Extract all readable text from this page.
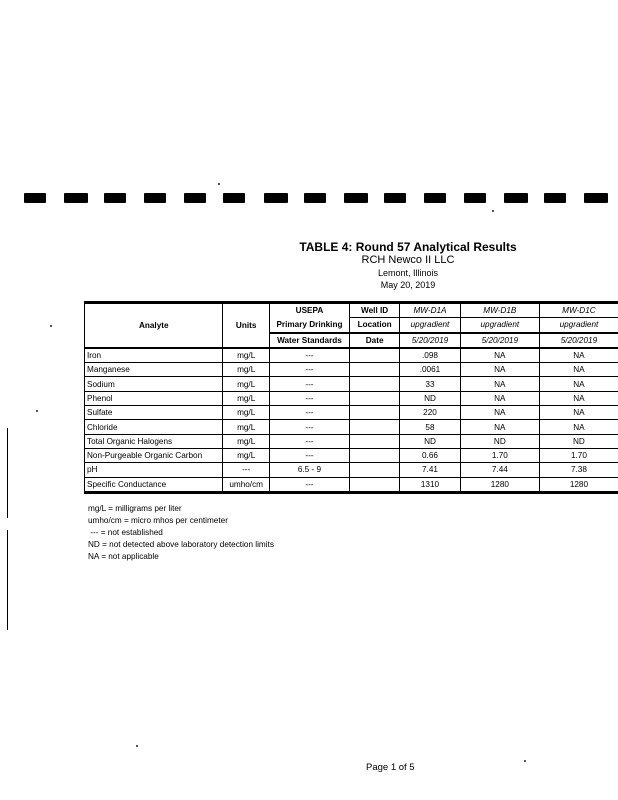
TABLE 4: Round 57 Analytical Results
RCH Newco II LLC
Lemont, Illinois
May 20, 2019
Analyte	Units	USEPA	Well ID	MW-D1A	MW-D1B	MW-D1C
		Primary Drinking	Location	upgradient	upgradient	upgradient
		Water Standards	Date	5/20/2019	5/20/2019	5/20/2019
Iron	mg/L	---		.098	NA	NA
Manganese	mg/L	---		.0061	NA	NA
Sodium	mg/L	---		33	NA	NA
Phenol	mg/L	---		ND	NA	NA
Sulfate	mg/L	---		220	NA	NA
Chloride	mg/L	---		58	NA	NA
Total Organic Halogens	mg/L	---		ND	ND	ND
Non-Purgeable Organic Carbon	mg/L	---		0.66	1.70	1.70
pH	---	6.5 - 9		7.41	7.44	7.38
Specific Conductance	umho/cm	---		1310	1280	1280
mg/L = milligrams per liter
umho/cm = micro mhos per centimeter
--- = not established
ND = not detected above laboratory detection limits
NA = not applicable
Page 1 of 5
